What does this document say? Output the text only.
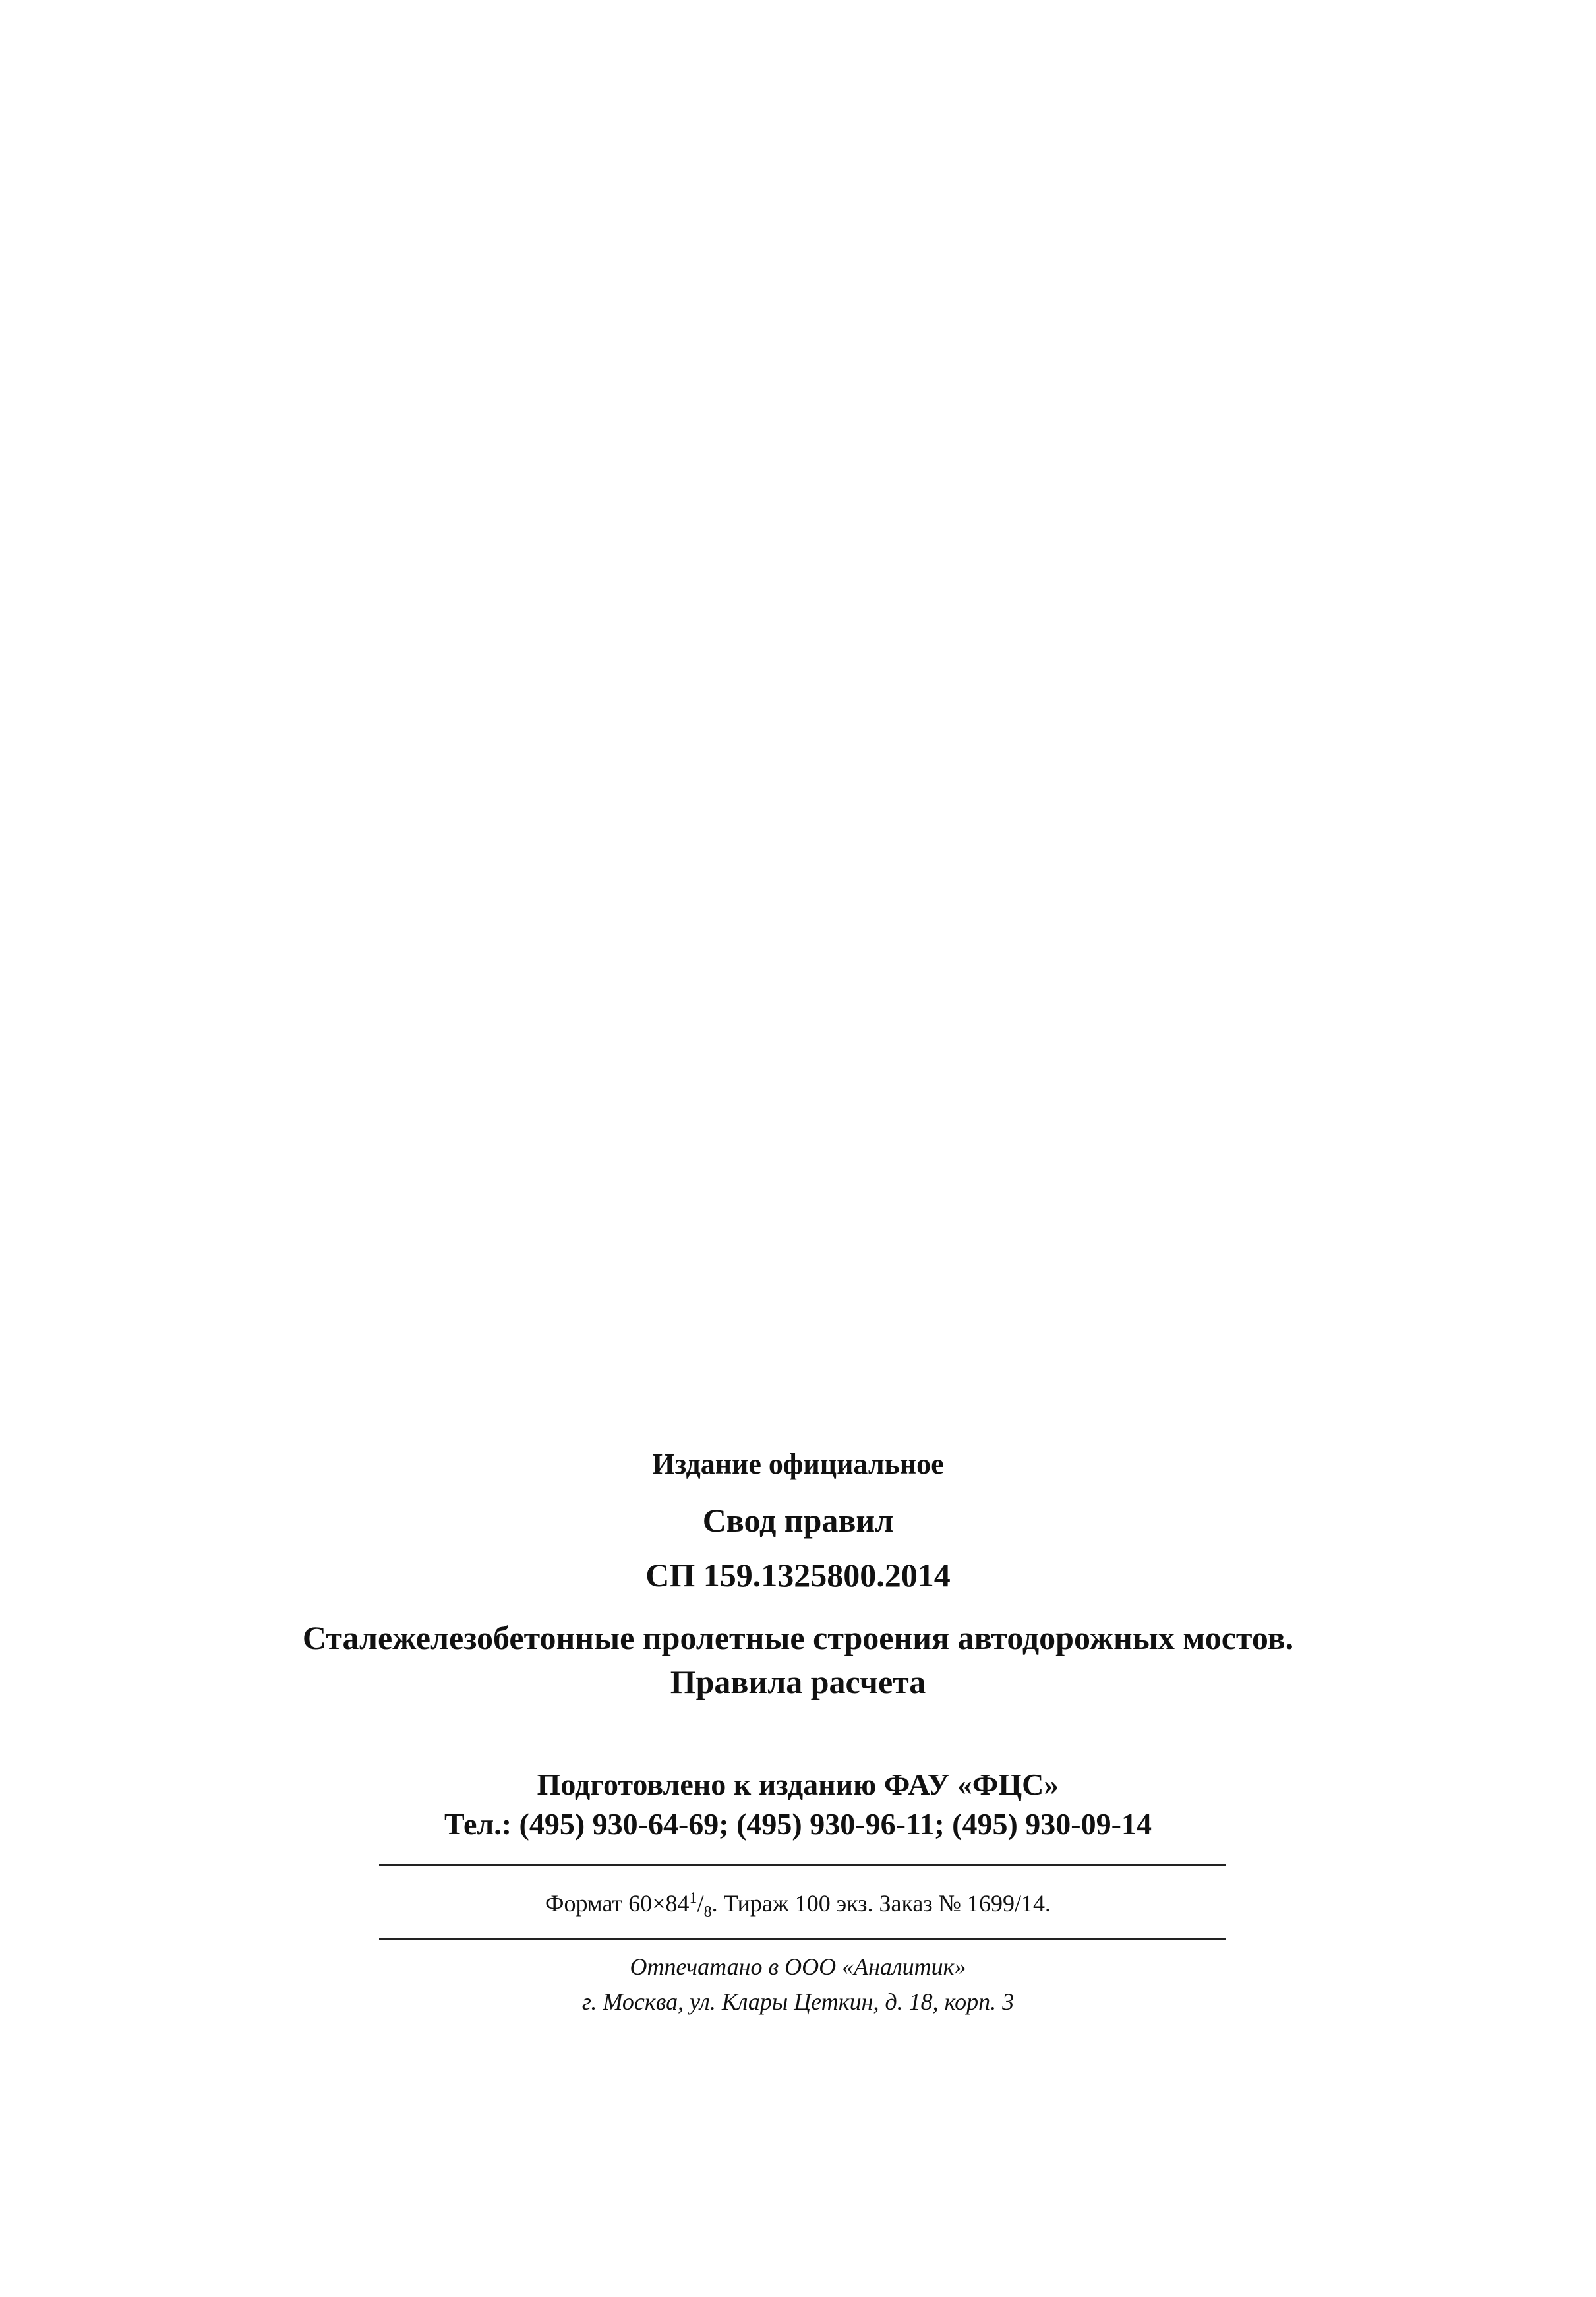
Издание официальное
Свод правил
СП 159.1325800.2014
Сталежелезобетонные пролетные строения автодорожных мостов.
Правила расчета
Подготовлено к изданию ФАУ «ФЦС»
Тел.: (495) 930-64-69; (495) 930-96-11; (495) 930-09-14
Формат $60\times 84^1/_8$. Тираж 100 экз. Заказ № 1699/14.
Отпечатано в ООО «Аналитик»
г. Москва, ул. Клары Цеткин, д. 18, корп. 3
